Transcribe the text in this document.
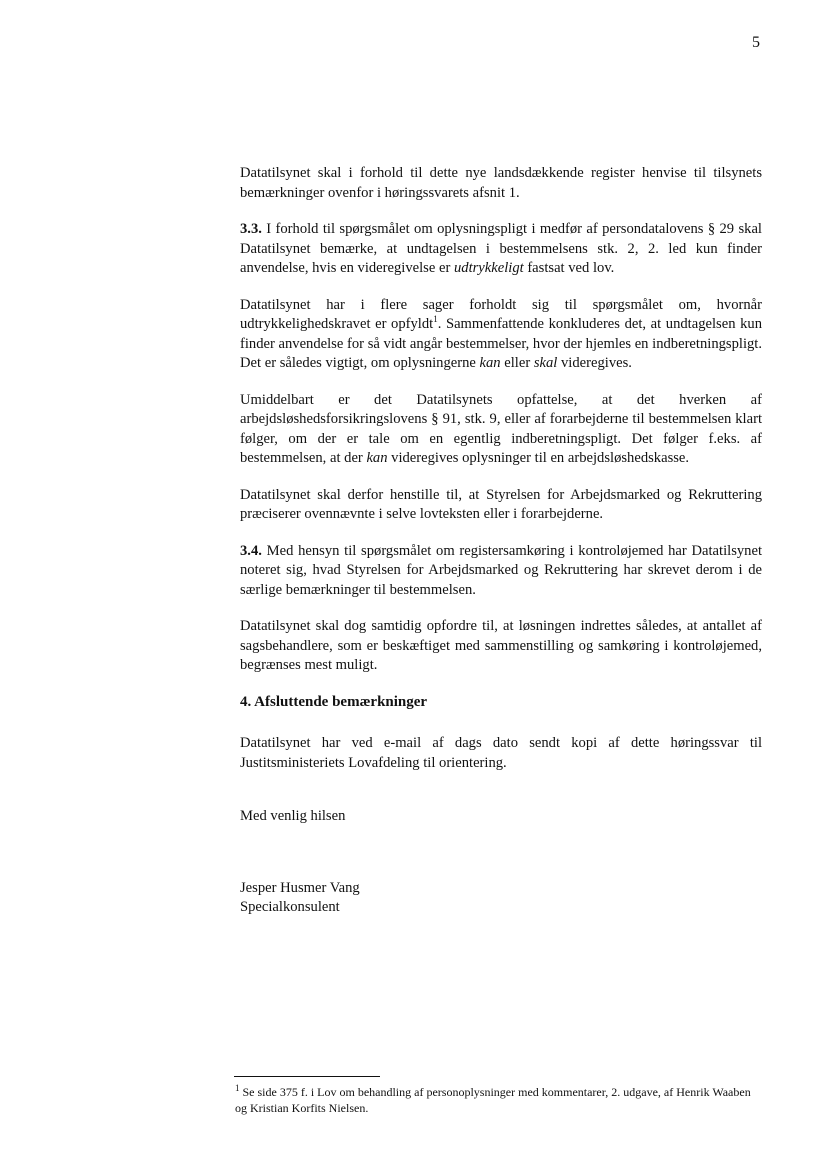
5

Datatilsynet skal i forhold til dette nye landsdækkende register henvise til tilsynets bemærkninger ovenfor i høringssvarets afsnit 1.

3.3. I forhold til spørgsmålet om oplysningspligt i medfør af persondatalovens § 29 skal Datatilsynet bemærke, at undtagelsen i bestemmelsens stk. 2, 2. led kun finder anvendelse, hvis en videregivelse er udtrykkeligt fastsat ved lov.

Datatilsynet har i flere sager forholdt sig til spørgsmålet om, hvornår udtrykkelighedskravet er opfyldt$^1$. Sammenfattende konkluderes det, at undtagelsen kun finder anvendelse for så vidt angår bestemmelser, hvor der hjemles en indberetningspligt. Det er således vigtigt, om oplysningerne kan eller skal videregives.

Umiddelbart er det Datatilsynets opfattelse, at det hverken af arbejdsløshedsforsikringslovens § 91, stk. 9, eller af forarbejderne til bestemmelsen klart følger, om der er tale om en egentlig indberetningspligt. Det følger f.eks. af bestemmelsen, at der kan videregives oplysninger til en arbejdsløshedskasse.

Datatilsynet skal derfor henstille til, at Styrelsen for Arbejdsmarked og Rekruttering præciserer ovennævnte i selve lovteksten eller i forarbejderne.

3.4. Med hensyn til spørgsmålet om registersamkøring i kontroløjemed har Datatilsynet noteret sig, hvad Styrelsen for Arbejdsmarked og Rekruttering har skrevet derom i de særlige bemærkninger til bestemmelsen.

Datatilsynet skal dog samtidig opfordre til, at løsningen indrettes således, at antallet af sagsbehandlere, som er beskæftiget med sammenstilling og samkøring i kontroløjemed, begrænses mest muligt.

4. Afsluttende bemærkninger

Datatilsynet har ved e-mail af dags dato sendt kopi af dette høringssvar til Justitsministeriets Lovafdeling til orientering.

Med venlig hilsen
Jesper Husmer Vang
Specialkonsulent
$^1$ Se side 375 f. i Lov om behandling af personoplysninger med kommentarer, 2. udgave, af Henrik Waaben og Kristian Korfits Nielsen.
